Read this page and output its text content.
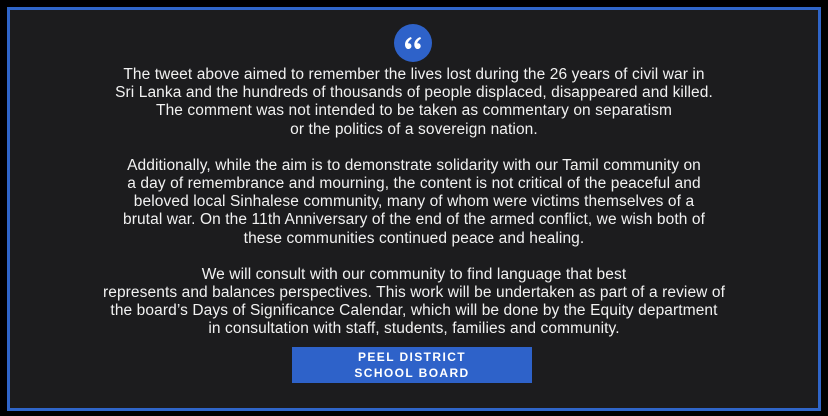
The tweet above aimed to remember the lives lost during the 26 years of civil war in
Sri Lanka and the hundreds of thousands of people displaced, disappeared and killed.
The comment was not intended to be taken as commentary on separatism
or the politics of a sovereign nation.

Additionally, while the aim is to demonstrate solidarity with our Tamil community on
a day of remembrance and mourning, the content is not critical of the peaceful and
beloved local Sinhalese community, many of whom were victims themselves of a
brutal war. On the 11th Anniversary of the end of the armed conflict, we wish both of
these communities continued peace and healing.

We will consult with our community to find language that best
represents and balances perspectives. This work will be undertaken as part of a review of
the board’s Days of Significance Calendar, which will be done by the Equity department
in consultation with staff, students, families and community.

PEEL DISTRICT
SCHOOL BOARD
